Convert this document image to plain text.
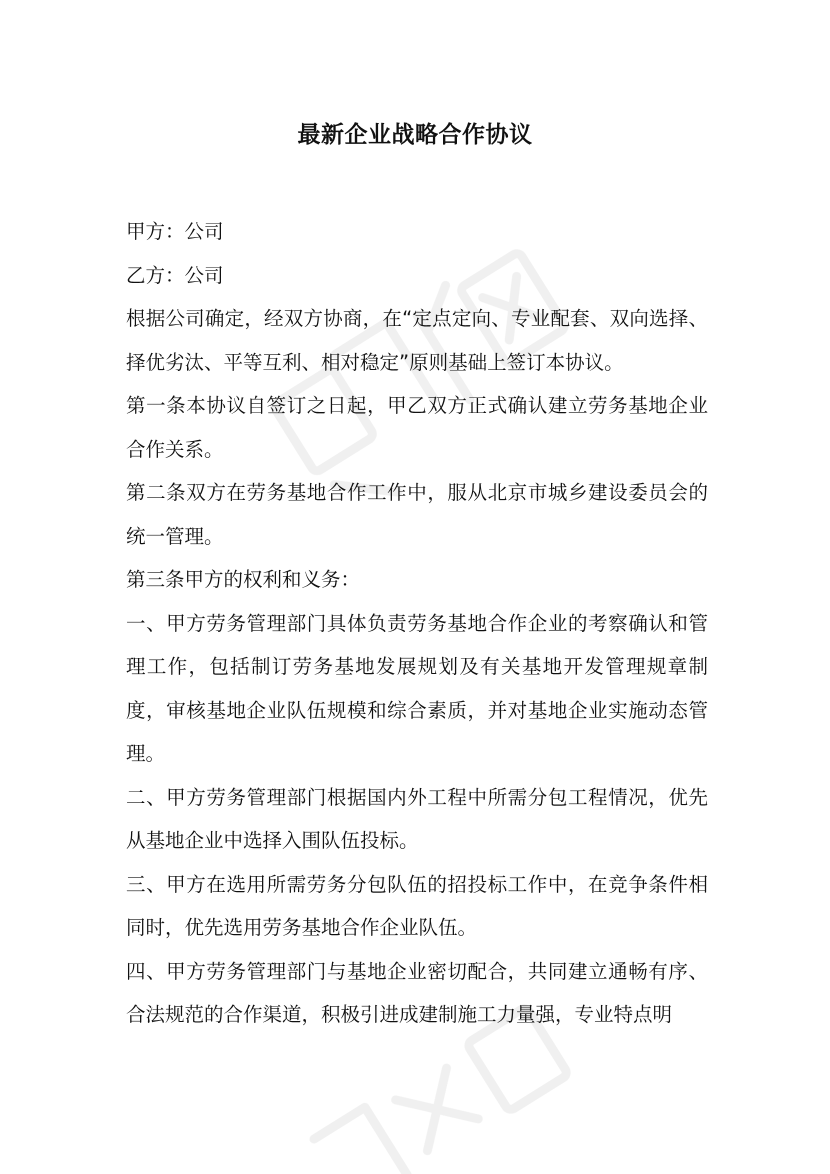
最新企业战略合作协议

甲方：公司

乙方：公司

根据公司确定，经双方协商，在“定点定向、专业配套、双向选择、择优劣汰、平等互利、相对稳定”原则基础上签订本协议。

第一条本协议自签订之日起，甲乙双方正式确认建立劳务基地企业合作关系。

第二条双方在劳务基地合作工作中，服从北京市城乡建设委员会的统一管理。

第三条甲方的权利和义务：

一、甲方劳务管理部门具体负责劳务基地合作企业的考察确认和管理工作，包括制订劳务基地发展规划及有关基地开发管理规章制度，审核基地企业队伍规模和综合素质，并对基地企业实施动态管理。

二、甲方劳务管理部门根据国内外工程中所需分包工程情况，优先从基地企业中选择入围队伍投标。

三、甲方在选用所需劳务分包队伍的招投标工作中，在竞争条件相同时，优先选用劳务基地合作企业队伍。

四、甲方劳务管理部门与基地企业密切配合，共同建立通畅有序、合法规范的合作渠道，积极引进成建制施工力量强，专业特点明
